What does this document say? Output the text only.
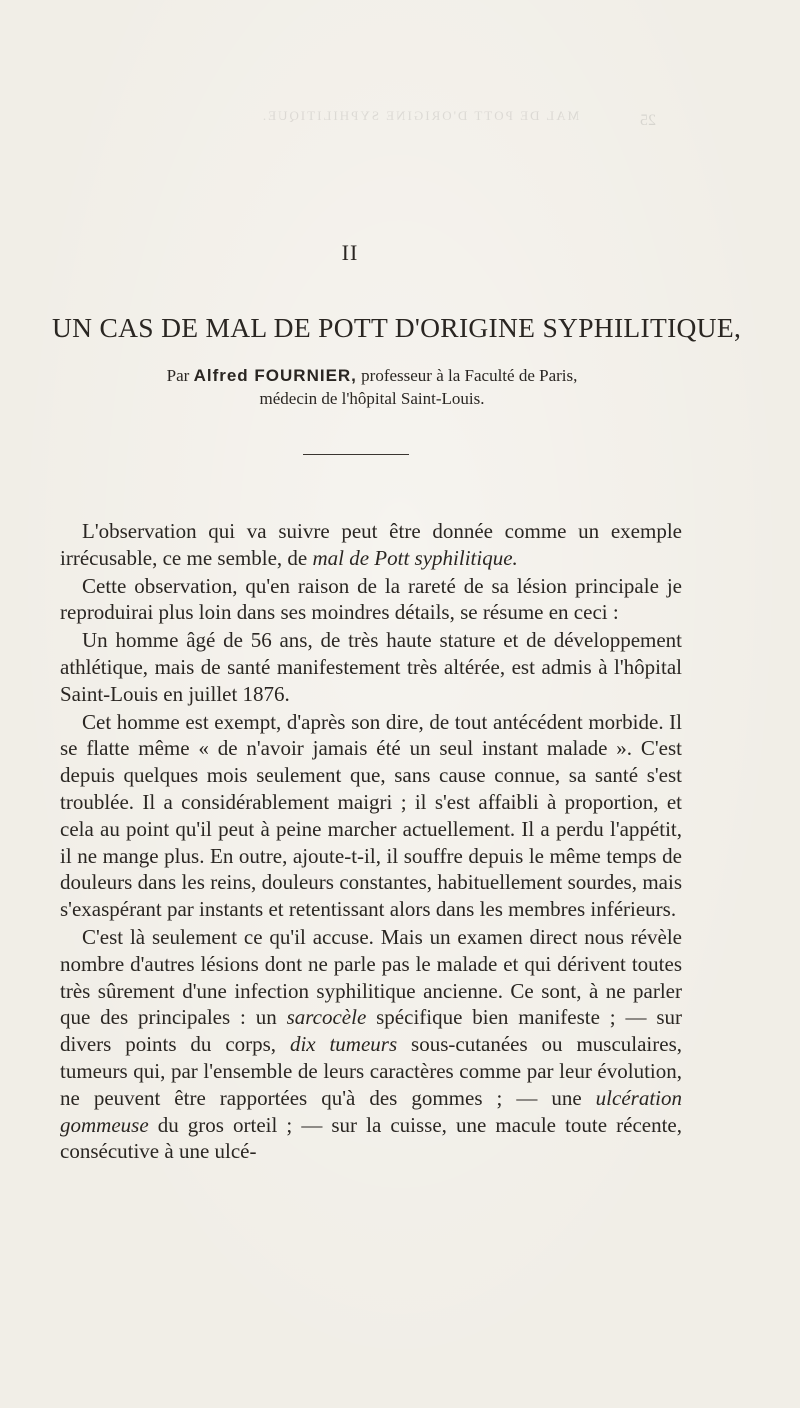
MAL DE POTT D'ORIGINE SYPHILITIQUE.	25
II
UN CAS DE MAL DE POTT D'ORIGINE SYPHILITIQUE,
Par Alfred FOURNIER, professeur à la Faculté de Paris,
médecin de l'hôpital Saint-Louis.

L'observation qui va suivre peut être donnée comme un exemple irrécusable, ce me semble, de mal de Pott syphilitique.

Cette observation, qu'en raison de la rareté de sa lésion principale je reproduirai plus loin dans ses moindres détails, se résume en ceci :

Un homme âgé de 56 ans, de très haute stature et de développement athlétique, mais de santé manifestement très altérée, est admis à l'hôpital Saint-Louis en juillet 1876.

Cet homme est exempt, d'après son dire, de tout antécédent morbide. Il se flatte même « de n'avoir jamais été un seul instant malade ». C'est depuis quelques mois seulement que, sans cause connue, sa santé s'est troublée. Il a considérablement maigri ; il s'est affaibli à proportion, et cela au point qu'il peut à peine marcher actuellement. Il a perdu l'appétit, il ne mange plus. En outre, ajoute-t-il, il souffre depuis le même temps de douleurs dans les reins, douleurs constantes, habituellement sourdes, mais s'exaspérant par instants et retentissant alors dans les membres inférieurs.

C'est là seulement ce qu'il accuse. Mais un examen direct nous révèle nombre d'autres lésions dont ne parle pas le malade et qui dérivent toutes très sûrement d'une infection syphilitique ancienne. Ce sont, à ne parler que des principales : un sarcocèle spécifique bien manifeste ; — sur divers points du corps, dix tumeurs sous-cutanées ou musculaires, tumeurs qui, par l'ensemble de leurs caractères comme par leur évolution, ne peuvent être rapportées qu'à des gommes ; — une ulcération gommeuse du gros orteil ; — sur la cuisse, une macule toute récente, consécutive à une ulcé-
